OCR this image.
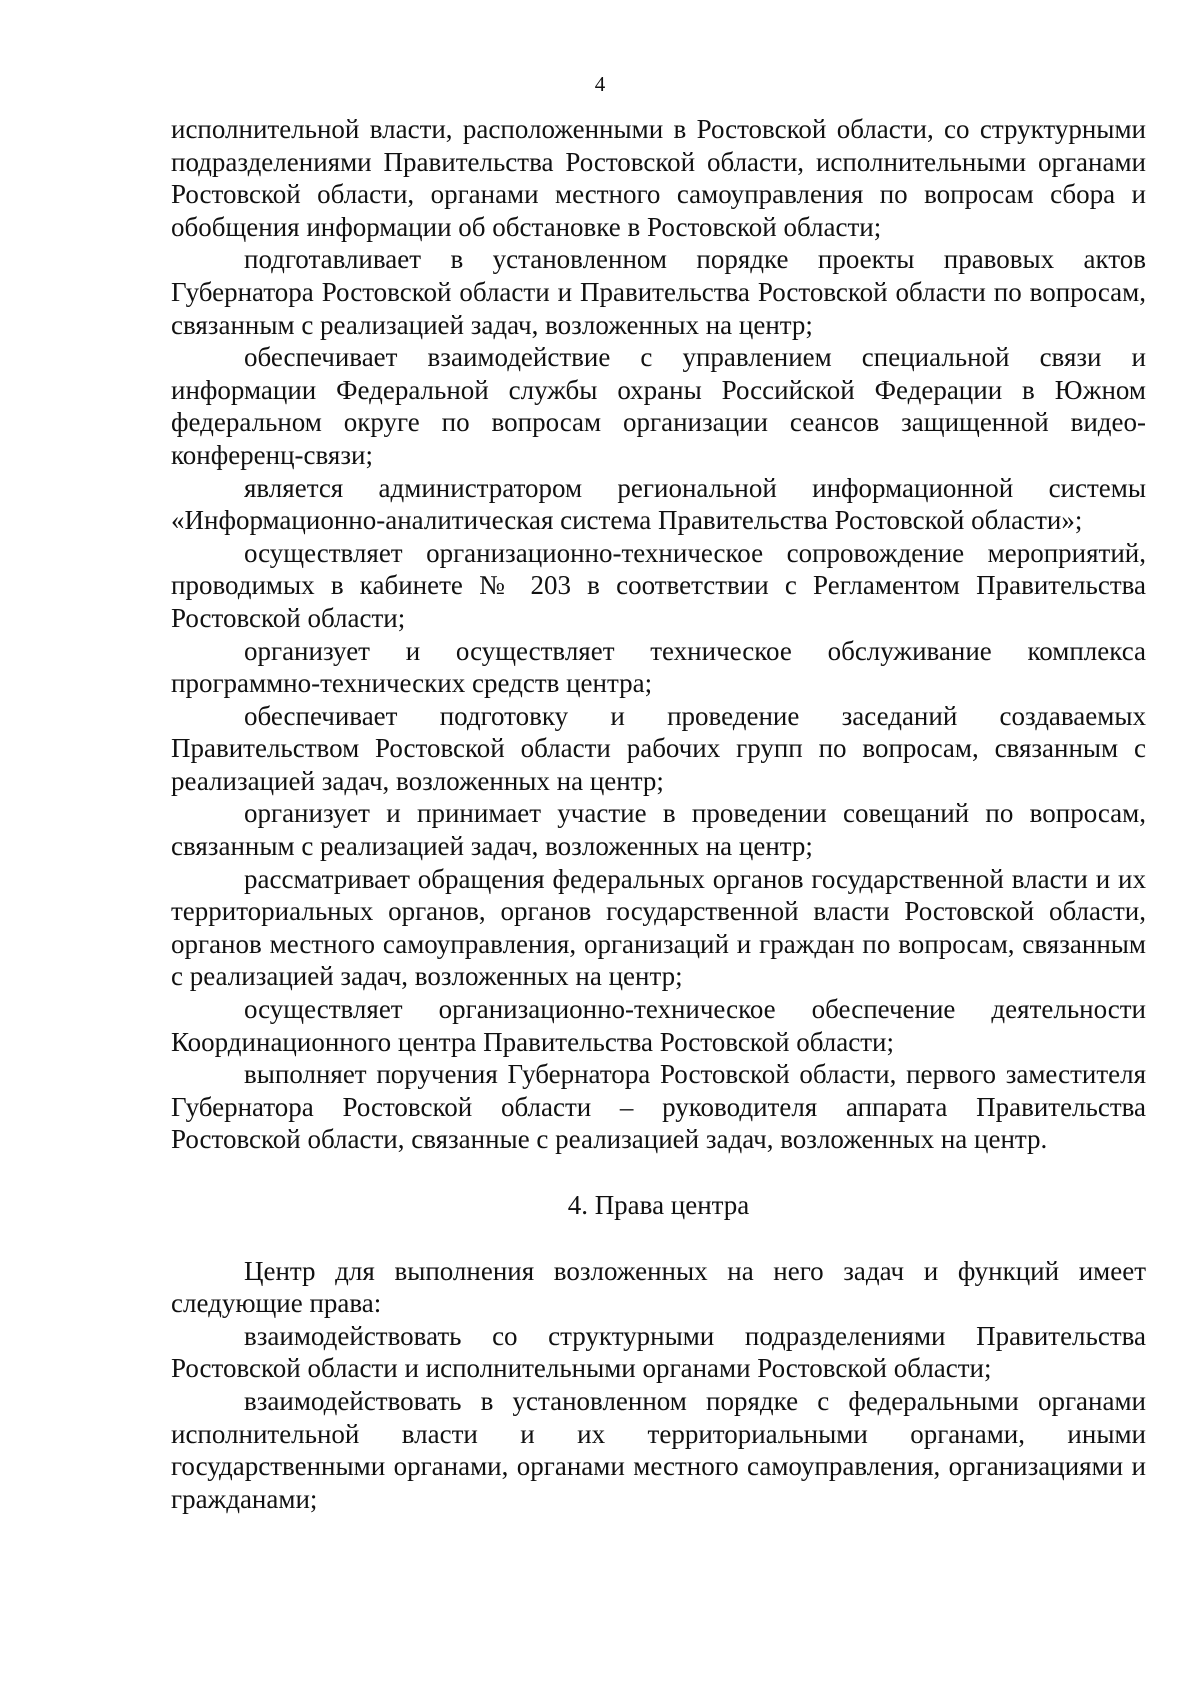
4

исполнительной власти, расположенными в Ростовской области, со структурными подразделениями Правительства Ростовской области, исполнительными органами Ростовской области, органами местного самоуправления по вопросам сбора и обобщения информации об обстановке в Ростовской области;

подготавливает в установленном порядке проекты правовых актов Губернатора Ростовской области и Правительства Ростовской области по вопросам, связанным с реализацией задач, возложенных на центр;

обеспечивает взаимодействие с управлением специальной связи и информации Федеральной службы охраны Российской Федерации в Южном федеральном округе по вопросам организации сеансов защищенной видео-конференц-связи;

является администратором региональной информационной системы «Информационно-аналитическая система Правительства Ростовской области»;

осуществляет организационно-техническое сопровождение мероприятий, проводимых в кабинете № 203 в соответствии с Регламентом Правительства Ростовской области;

организует и осуществляет техническое обслуживание комплекса программно-технических средств центра;

обеспечивает подготовку и проведение заседаний создаваемых Правительством Ростовской области рабочих групп по вопросам, связанным с реализацией задач, возложенных на центр;

организует и принимает участие в проведении совещаний по вопросам, связанным с реализацией задач, возложенных на центр;

рассматривает обращения федеральных органов государственной власти и их территориальных органов, органов государственной власти Ростовской области, органов местного самоуправления, организаций и граждан по вопросам, связанным с реализацией задач, возложенных на центр;

осуществляет организационно-техническое обеспечение деятельности Координационного центра Правительства Ростовской области;

выполняет поручения Губернатора Ростовской области, первого заместителя Губернатора Ростовской области – руководителя аппарата Правительства Ростовской области, связанные с реализацией задач, возложенных на центр.

4. Права центра

Центр для выполнения возложенных на него задач и функций имеет следующие права:

взаимодействовать со структурными подразделениями Правительства Ростовской области и исполнительными органами Ростовской области;

взаимодействовать в установленном порядке с федеральными органами исполнительной власти и их территориальными органами, иными государственными органами, органами местного самоуправления, организациями и гражданами;
